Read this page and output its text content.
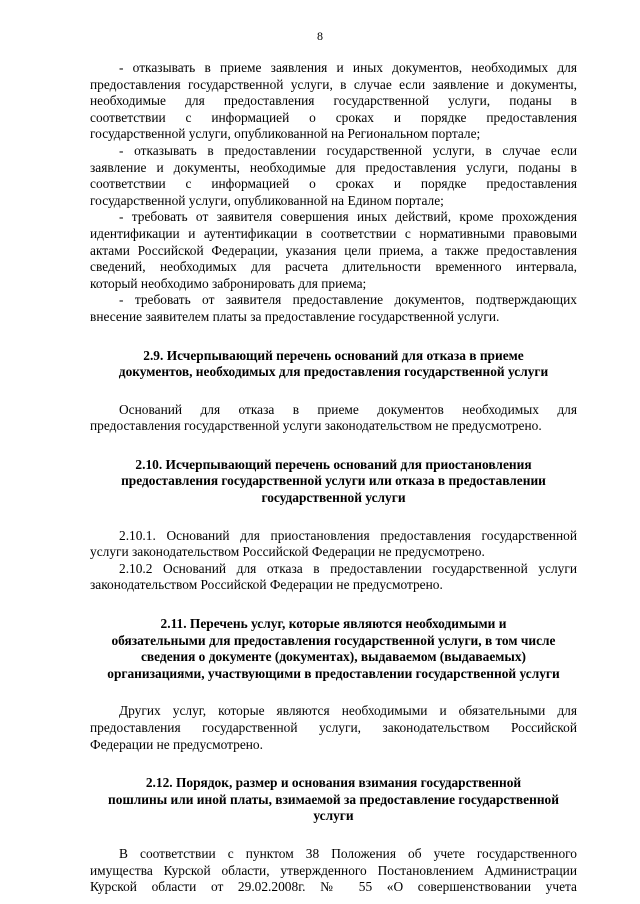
8
- отказывать в приеме заявления и иных документов, необходимых для
предоставления государственной услуги, в случае если заявление и документы,
необходимые для предоставления государственной услуги, поданы в
соответствии с информацией о сроках и порядке предоставления
государственной услуги, опубликованной на Региональном портале;
- отказывать в предоставлении государственной услуги, в случае если
заявление и документы, необходимые для предоставления услуги, поданы в
соответствии с информацией о сроках и порядке предоставления
государственной услуги, опубликованной на Едином портале;
- требовать от заявителя совершения иных действий, кроме прохождения
идентификации и аутентификации в соответствии с нормативными правовыми
актами Российской Федерации, указания цели приема, а также предоставления
сведений, необходимых для расчета длительности временного интервала,
который необходимо забронировать для приема;
- требовать от заявителя предоставление документов, подтверждающих
внесение заявителем платы за предоставление государственной услуги.
2.9. Исчерпывающий перечень оснований для отказа в приеме
документов, необходимых для предоставления государственной услуги
Оснований для отказа в приеме документов необходимых для
предоставления государственной услуги законодательством не предусмотрено.
2.10. Исчерпывающий перечень оснований для приостановления
предоставления государственной услуги или отказа в предоставлении
государственной услуги
2.10.1. Оснований для приостановления предоставления государственной
услуги законодательством Российской Федерации не предусмотрено.
2.10.2 Оснований для отказа в предоставлении государственной услуги
законодательством Российской Федерации не предусмотрено.
2.11. Перечень услуг, которые являются необходимыми и
обязательными для предоставления государственной услуги, в том числе
сведения о документе (документах), выдаваемом (выдаваемых)
организациями, участвующими в предоставлении государственной услуги
Других услуг, которые являются необходимыми и обязательными для
предоставления государственной услуги, законодательством Российской
Федерации не предусмотрено.
2.12. Порядок, размер и основания взимания государственной
пошлины или иной платы, взимаемой за предоставление государственной
услуги
В соответствии с пунктом 38 Положения об учете государственного
имущества Курской области, утвержденного Постановлением Администрации
Курской области от 29.02.2008г. № 55 «О совершенствовании учета
